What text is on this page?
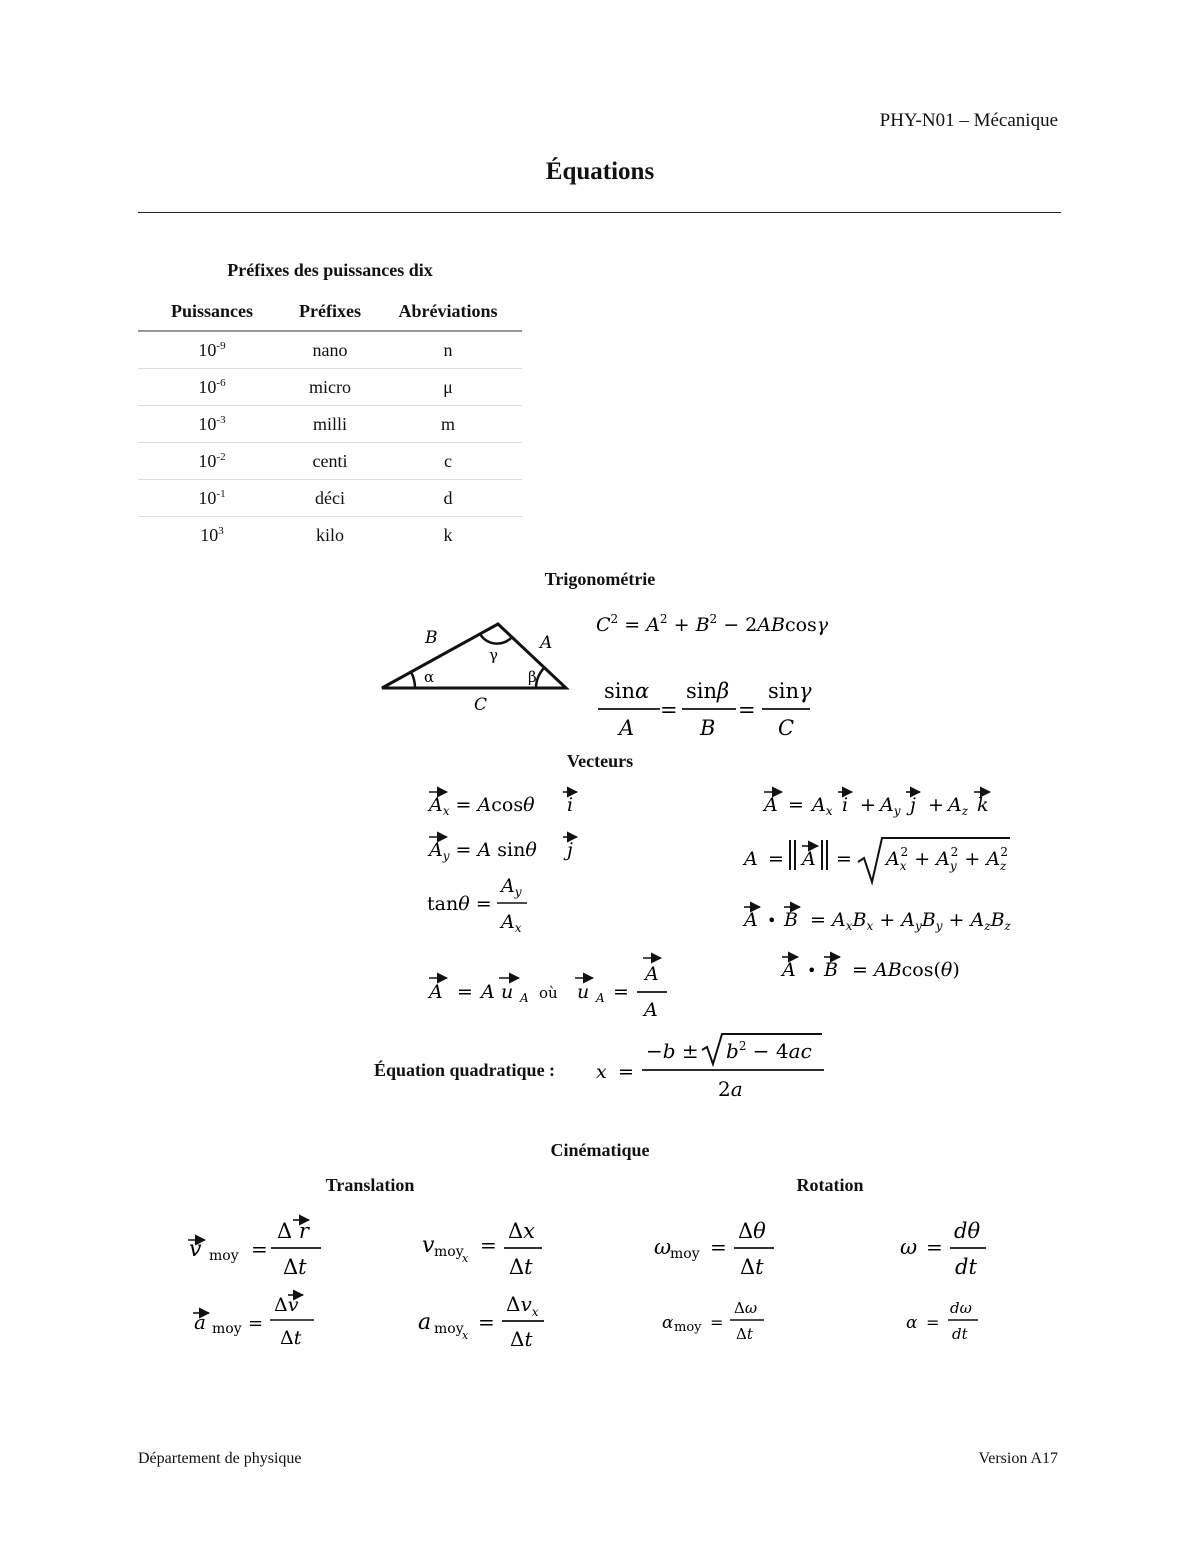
PHY-N01 – Mécanique
Équations
Préfixes des puissances dix
Puissances	Préfixes	Abréviations
$10^{-9}$	nano	n
$10^{-6}$	micro	μ
$10^{-3}$	milli	m
$10^{-2}$	centi	c
$10^{-1}$	déci	d
$10^3$	kilo	k
Trigonométrie
B	A
C
α	β
γ
$C^2 = A^2 + B^2 - 2ABcos\gamma$
sinα
A
=
sinβ
B
=
sinγ
C
Vecteurs
$A_x = Acos\theta$ i
$A_y = A$ sinθ j
tanθ =
$A_y$
$A_x$
A = A u A où u A =
A
A
$A = A_x$ $i + A_y$ $j + A_z$ k
$A = A = A_x2 + A_y2 + A_z2$
A • $B = A_xB_x + A_yB_y + A_zB_z$
A • B = ABcos(θ)
Équation quadratique : x =
$-b \pm b^2 - 4ac$
2a
Cinématique
Translation	Rotation
v moy =
Δ r
Δt
v moy
x
=
Δx
Δt
ω
moy =
Δθ
Δt
ω =
dθ
dt
a moy =
Δv
Δt
a moy
x
=
$\Delta v_x$
Δt
α moy =
Δω
Δt
α =
dω
dt
Département de physique	Version A17
